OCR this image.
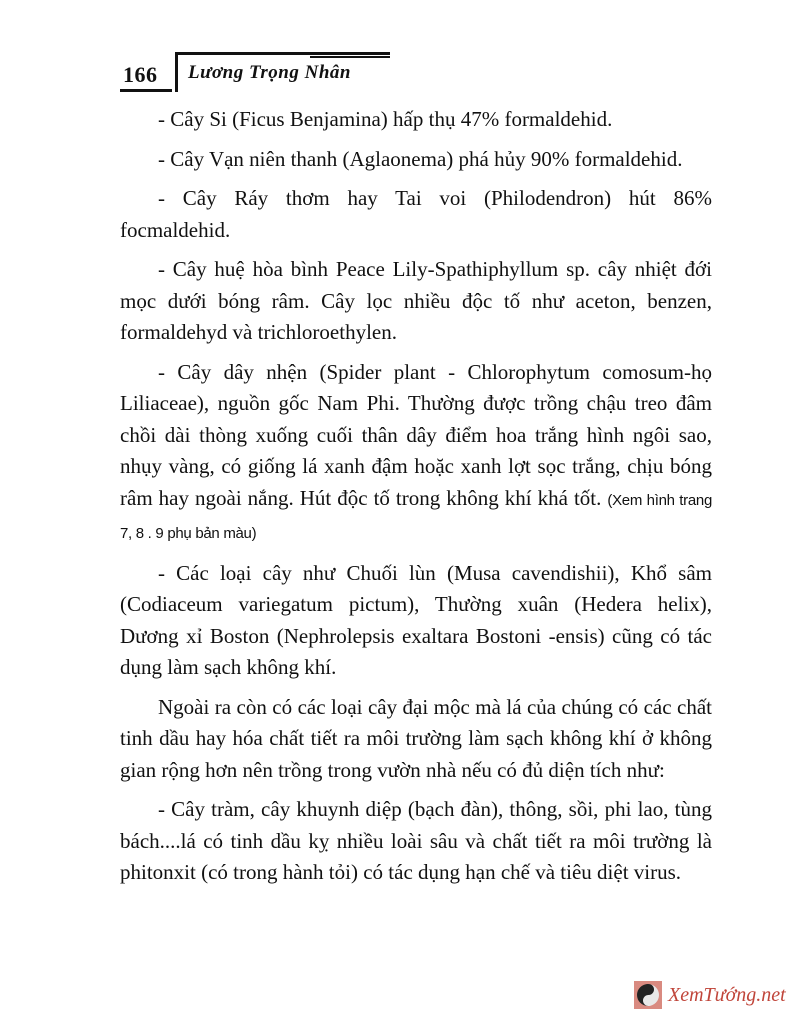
166 Lương Trọng Nhân

- Cây Si (Ficus Benjamina) hấp thụ 47% formaldehid.

- Cây Vạn niên thanh (Aglaonema) phá hủy 90% formaldehid.

- Cây Ráy thơm hay Tai voi (Philodendron) hút 86% focmaldehid.

- Cây huệ hòa bình Peace Lily-Spathiphyllum sp. cây nhiệt đới mọc dưới bóng râm. Cây lọc nhiều độc tố như aceton, benzen, formaldehyd và trichloroethylen.

- Cây dây nhện (Spider plant - Chlorophytum comosum-họ Liliaceae), nguồn gốc Nam Phi. Thường được trồng chậu treo đâm chồi dài thòng xuống cuối thân dây điểm hoa trắng hình ngôi sao, nhụy vàng, có giống lá xanh đậm hoặc xanh lợt sọc trắng, chịu bóng râm hay ngoài nắng. Hút độc tố trong không khí khá tốt. (Xem hình trang 7, 8 . 9 phụ bản màu)

- Các loại cây như Chuối lùn (Musa cavendishii), Khổ sâm (Codiaceum variegatum pictum), Thường xuân (Hedera helix), Dương xỉ Boston (Nephrolepsis exaltara Bostoni -ensis) cũng có tác dụng làm sạch không khí.

Ngoài ra còn có các loại cây đại mộc mà lá của chúng có các chất tinh dầu hay hóa chất tiết ra môi trường làm sạch không khí ở không gian rộng hơn nên trồng trong vườn nhà nếu có đủ diện tích như:

- Cây tràm, cây khuynh diệp (bạch đàn), thông, sồi, phi lao, tùng bách....lá có tinh dầu kỵ nhiều loài sâu và chất tiết ra môi trường là phitonxit (có trong hành tỏi) có tác dụng hạn chế và tiêu diệt virus.

XemTướng.net
